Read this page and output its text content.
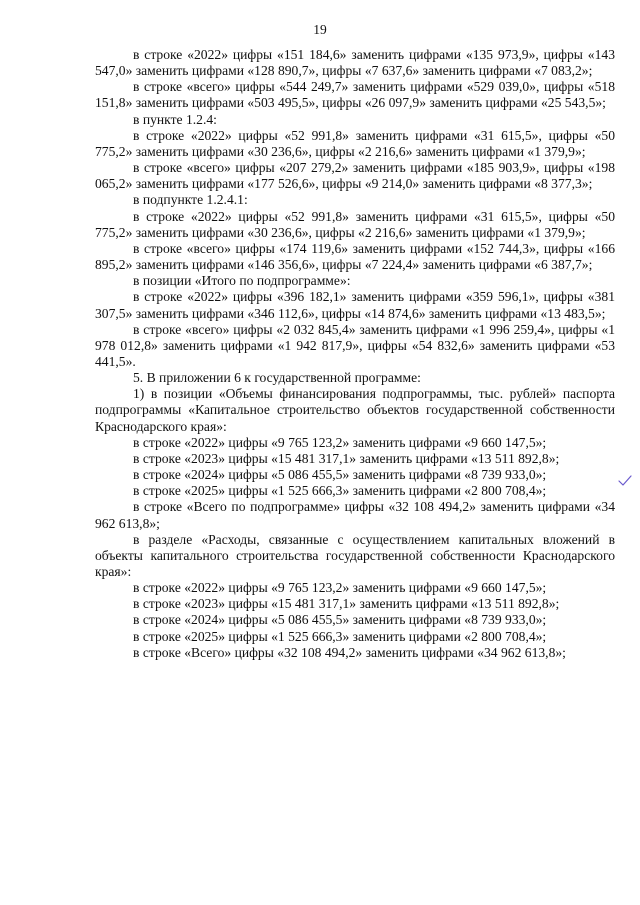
19

в строке «2022» цифры «151 184,6» заменить цифрами «135 973,9», цифры «143 547,0» заменить цифрами «128 890,7», цифры «7 637,6» заменить цифрами «7 083,2»;

в строке «всего» цифры «544 249,7» заменить цифрами «529 039,0», цифры «518 151,8» заменить цифрами «503 495,5», цифры «26 097,9» заменить цифрами «25 543,5»;

в пункте 1.2.4:

в строке «2022» цифры «52 991,8» заменить цифрами «31 615,5», цифры «50 775,2» заменить цифрами «30 236,6», цифры «2 216,6» заменить цифрами «1 379,9»;

в строке «всего» цифры «207 279,2» заменить цифрами «185 903,9», цифры «198 065,2» заменить цифрами «177 526,6», цифры «9 214,0» заменить цифрами «8 377,3»;

в подпункте 1.2.4.1:

в строке «2022» цифры «52 991,8» заменить цифрами «31 615,5», цифры «50 775,2» заменить цифрами «30 236,6», цифры «2 216,6» заменить цифрами «1 379,9»;

в строке «всего» цифры «174 119,6» заменить цифрами «152 744,3», цифры «166 895,2» заменить цифрами «146 356,6», цифры «7 224,4» заменить цифрами «6 387,7»;

в позиции «Итого по подпрограмме»:

в строке «2022» цифры «396 182,1» заменить цифрами «359 596,1», цифры «381 307,5» заменить цифрами «346 112,6», цифры «14 874,6» заменить цифрами «13 483,5»;

в строке «всего» цифры «2 032 845,4» заменить цифрами «1 996 259,4», цифры «1 978 012,8» заменить цифрами «1 942 817,9», цифры «54 832,6» заменить цифрами «53 441,5».

5. В приложении 6 к государственной программе:

1) в позиции «Объемы финансирования подпрограммы, тыс. рублей» паспорта подпрограммы «Капитальное строительство объектов государственной собственности Краснодарского края»:

в строке «2022» цифры «9 765 123,2» заменить цифрами «9 660 147,5»;

в строке «2023» цифры «15 481 317,1» заменить цифрами «13 511 892,8»;

в строке «2024» цифры «5 086 455,5» заменить цифрами «8 739 933,0»;

в строке «2025» цифры «1 525 666,3» заменить цифрами «2 800 708,4»;

в строке «Всего по подпрограмме» цифры «32 108 494,2» заменить цифрами «34 962 613,8»;

в разделе «Расходы, связанные с осуществлением капитальных вложений в объекты капитального строительства государственной собственности Краснодарского края»:

в строке «2022» цифры «9 765 123,2» заменить цифрами «9 660 147,5»;

в строке «2023» цифры «15 481 317,1» заменить цифрами «13 511 892,8»;

в строке «2024» цифры «5 086 455,5» заменить цифрами «8 739 933,0»;

в строке «2025» цифры «1 525 666,3» заменить цифрами «2 800 708,4»;

в строке «Всего» цифры «32 108 494,2» заменить цифрами «34 962 613,8»;
